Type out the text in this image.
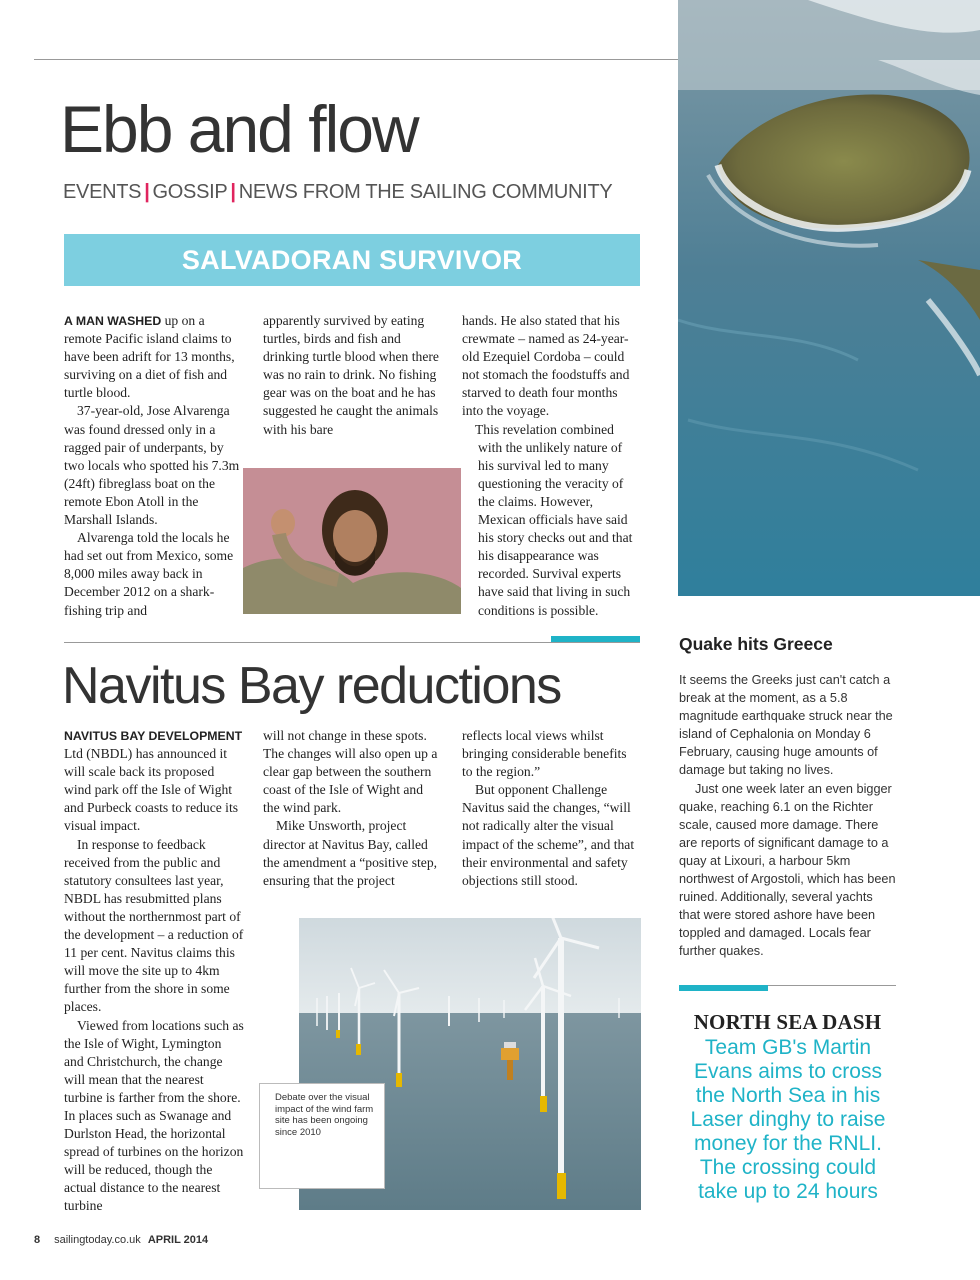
Ebb and flow
EVENTS | GOSSIP | NEWS FROM THE SAILING COMMUNITY
SALVADORAN SURVIVOR

A MAN WASHED up on a remote Pacific island claims to have been adrift for 13 months, surviving on a diet of fish and turtle blood.

37-year-old, Jose Alvarenga was found dressed only in a ragged pair of underpants, by two locals who spotted his 7.3m (24ft) fibreglass boat on the remote Ebon Atoll in the Marshall Islands.

Alvarenga told the locals he had set out from Mexico, some 8,000 miles away back in December 2012 on a shark-fishing trip and

apparently survived by eating turtles, birds and fish and drinking turtle blood when there was no rain to drink. No fishing gear was on the boat and he has suggested he caught the animals with his bare

hands. He also stated that his crewmate – named as 24-year-old Ezequiel Cordoba – could not stomach the foodstuffs and starved to death four months into the voyage.

This revelation combined with the unlikely nature of his survival led to many questioning the veracity of the claims. However, Mexican officials have said his story checks out and that his disappearance was recorded. Survival experts have said that living in such conditions is possible.

Navitus Bay reductions

NAVITUS BAY DEVELOPMENT Ltd (NBDL) has announced it will scale back its proposed wind park off the Isle of Wight and Purbeck coasts to reduce its visual impact.

In response to feedback received from the public and statutory consultees last year, NBDL has resubmitted plans without the northernmost part of the development – a reduction of 11 per cent. Navitus claims this will move the site up to 4km further from the shore in some places.

Viewed from locations such as the Isle of Wight, Lymington and Christchurch, the change will mean that the nearest turbine is farther from the shore. In places such as Swanage and Durlston Head, the horizontal spread of turbines on the horizon will be reduced, though the actual distance to the nearest turbine

will not change in these spots. The changes will also open up a clear gap between the southern coast of the Isle of Wight and the wind park.

Mike Unsworth, project director at Navitus Bay, called the amendment a “positive step, ensuring that the project

reflects local views whilst bringing considerable benefits to the region.”

But opponent Challenge Navitus said the changes, “will not radically alter the visual impact of the scheme”, and that their environmental and safety objections still stood.

Debate over the visual impact of the wind farm site has been ongoing since 2010
Quake hits Greece

It seems the Greeks just can't catch a break at the moment, as a 5.8 magnitude earthquake struck near the island of Cephalonia on Monday 6 February, causing huge amounts of damage but taking no lives.

Just one week later an even bigger quake, reaching 6.1 on the Richter scale, caused more damage. There are reports of significant damage to a quay at Lixouri, a harbour 5km northwest of Argostoli, which has been ruined. Additionally, several yachts that were stored ashore have been toppled and damaged. Locals fear further quakes.

NORTH SEA DASH
Team GB's Martin Evans aims to cross the North Sea in his Laser dinghy to raise money for the RNLI. The crossing could take up to 24 hours
8 sailingtoday.co.uk APRIL 2014
